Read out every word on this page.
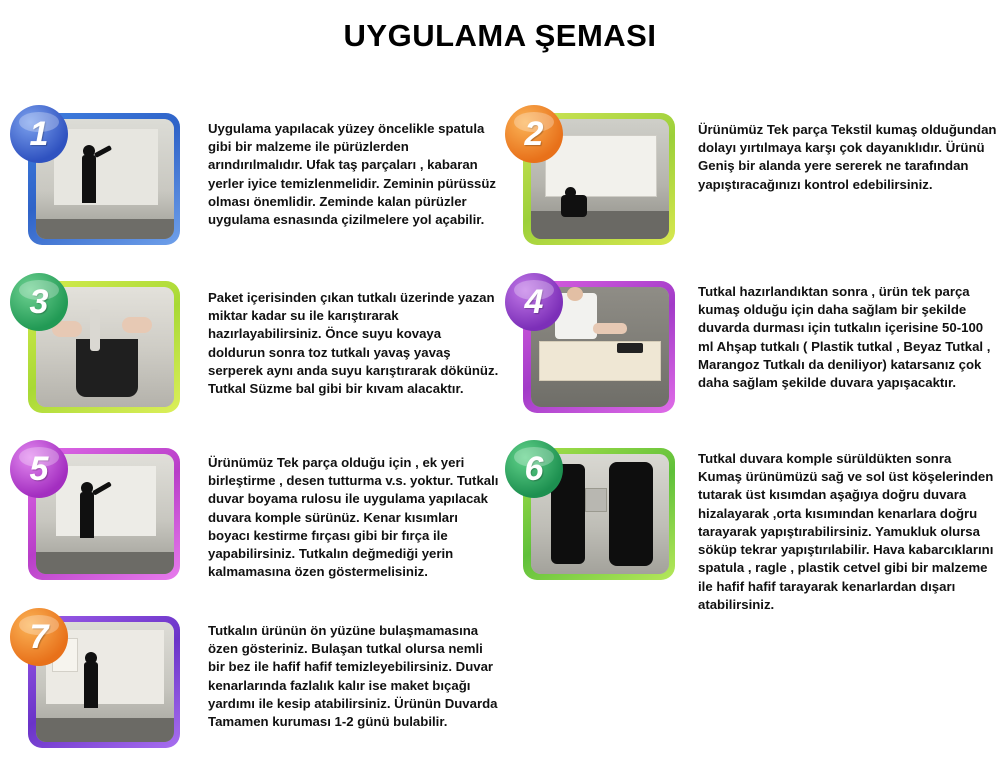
UYGULAMA ŞEMASI
1	Uygulama yapılacak yüzey öncelikle spatula gibi bir malzeme ile pürüzlerden arındırılmalıdır. Ufak taş parçaları , kabaran yerler iyice temizlenmelidir. Zeminin pürüssüz olması önemlidir. Zeminde kalan pürüzler uygulama esnasında çizilmelere yol açabilir.
2	Ürünümüz Tek parça Tekstil kumaş olduğundan dolayı yırtılmaya karşı çok dayanıklıdır. Ürünü Geniş bir alanda yere sererek ne tarafından yapıştıracağınızı kontrol edebilirsiniz.
3	Paket içerisinden çıkan tutkalı üzerinde yazan miktar kadar su ile karıştırarak hazırlayabilirsiniz. Önce suyu kovaya doldurun sonra toz tutkalı yavaş yavaş serperek aynı anda suyu karıştırarak dökünüz. Tutkal Süzme bal gibi bir kıvam alacaktır.
4	Tutkal hazırlandıktan sonra , ürün tek parça kumaş olduğu için daha sağlam bir şekilde duvarda durması için tutkalın içerisine 50-100 ml Ahşap tutkalı ( Plastik tutkal , Beyaz Tutkal , Marangoz Tutkalı da deniliyor) katarsanız çok daha sağlam şekilde duvara yapışacaktır.
5	Ürünümüz Tek parça olduğu için , ek yeri birleştirme , desen tutturma v.s. yoktur. Tutkalı duvar boyama rulosu ile uygulama yapılacak duvara komple sürünüz. Kenar kısımları boyacı kestirme fırçası gibi bir fırça ile yapabilirsiniz. Tutkalın değmediği yerin kalmamasına özen göstermelisiniz.
6	Tutkal duvara komple sürüldükten sonra Kumaş ürünümüzü sağ ve sol üst köşelerinden tutarak üst kısımdan aşağıya doğru duvara hizalayarak ,orta kısımından kenarlara doğru tarayarak yapıştırabilirsiniz. Yamukluk olursa söküp tekrar yapıştırılabilir. Hava kabarcıklarını spatula , ragle , plastik cetvel gibi bir malzeme ile hafif hafif tarayarak kenarlardan dışarı atabilirsiniz.
7	Tutkalın ürünün ön yüzüne bulaşmamasına özen gösteriniz. Bulaşan tutkal olursa nemli bir bez ile hafif hafif temizleyebilirsiniz. Duvar kenarlarında fazlalık kalır ise maket bıçağı yardımı ile kesip atabilirsiniz. Ürünün Duvarda Tamamen kuruması 1-2 günü bulabilir.
